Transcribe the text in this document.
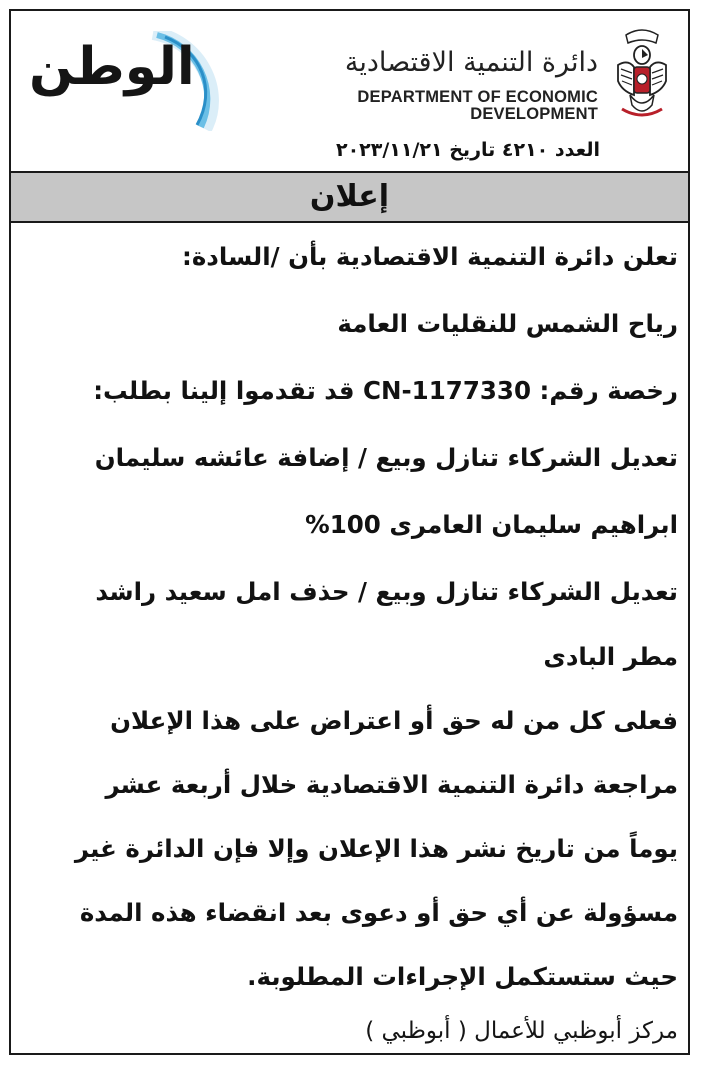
الوطن	دائرة التنمية الاقتصادية
DEPARTMENT OF ECONOMIC DEVELOPMENT
العدد ٤٢١٠ تاريخ ٢٠٢٣/١١/٢١
إعلان
تعلن دائرة التنمية الاقتصادية بأن /السادة:
رياح الشمس للنقليات العامة
رخصة رقم: CN-1177330 قد تقدموا إلينا بطلب:
تعديل الشركاء تنازل وبيع / إضافة عائشه سليمان
ابراهيم سليمان العامرى 100%
تعديل الشركاء تنازل وبيع / حذف امل سعيد راشد
مطر البادى
فعلى كل من له حق أو اعتراض على هذا الإعلان
مراجعة دائرة التنمية الاقتصادية خلال أربعة عشر
يوماً من تاريخ نشر هذا الإعلان وإلا فإن الدائرة غير
مسؤولة عن أي حق أو دعوى بعد انقضاء هذه المدة
حيث ستستكمل الإجراءات المطلوبة.
مركز أبوظبي للأعمال ( أبوظبي )
